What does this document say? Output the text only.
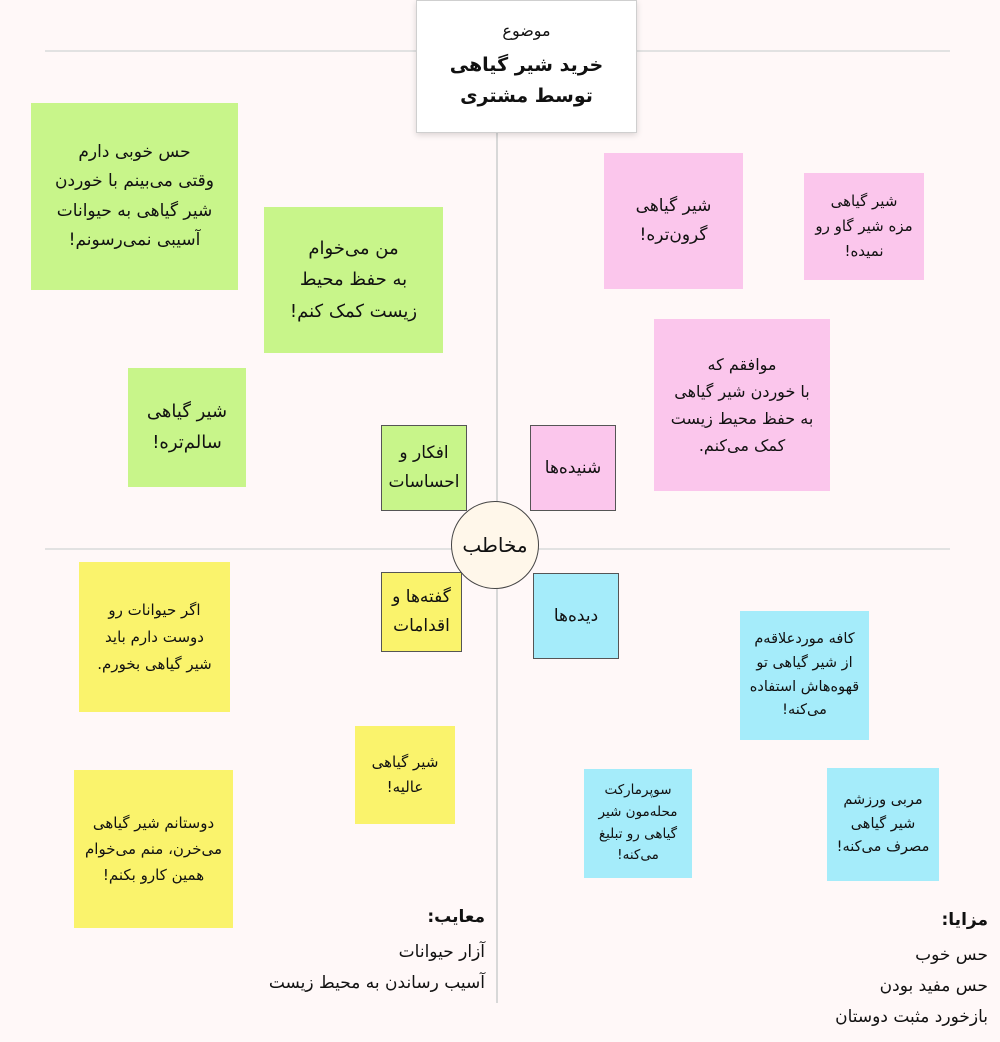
موضوع
خرید شیر گیاهی
توسط مشتری
مخاطب
افکار و
احساسات
شنیده‌ها
گفته‌ها و
اقدامات
دیده‌ها
حس خوبی دارم
وقتی می‌بینم با خوردن
شیر گیاهی به حیوانات
آسیبی نمی‌رسونم!	من می‌خوام
به حفظ محیط
زیست کمک کنم!
شیر گیاهی
سالم‌تره!
شیر گیاهی
گرون‌تره!
شیر گیاهی
مزه شیر گاو رو
نمیده!
موافقم که
با خوردن شیر گیاهی
به حفظ محیط زیست
کمک می‌کنم.
اگر حیوانات رو
دوست دارم باید
شیر گیاهی بخورم.
شیر گیاهی
عالیه!
دوستانم شیر گیاهی
می‌خرن، منم می‌خوام
همین کارو بکنم!
کافه موردعلاقه‌م
از شیر گیاهی تو
قهوه‌هاش استفاده
می‌کنه!
سوپرمارکت
محله‌مون شیر
گیاهی رو تبلیغ
می‌کنه!
مربی ورزشم
شیر گیاهی
مصرف می‌کنه!
معایب:
آزار حیوانات
آسیب رساندن به محیط زیست
مزایا:
حس خوب
حس مفید بودن
بازخورد مثبت دوستان
